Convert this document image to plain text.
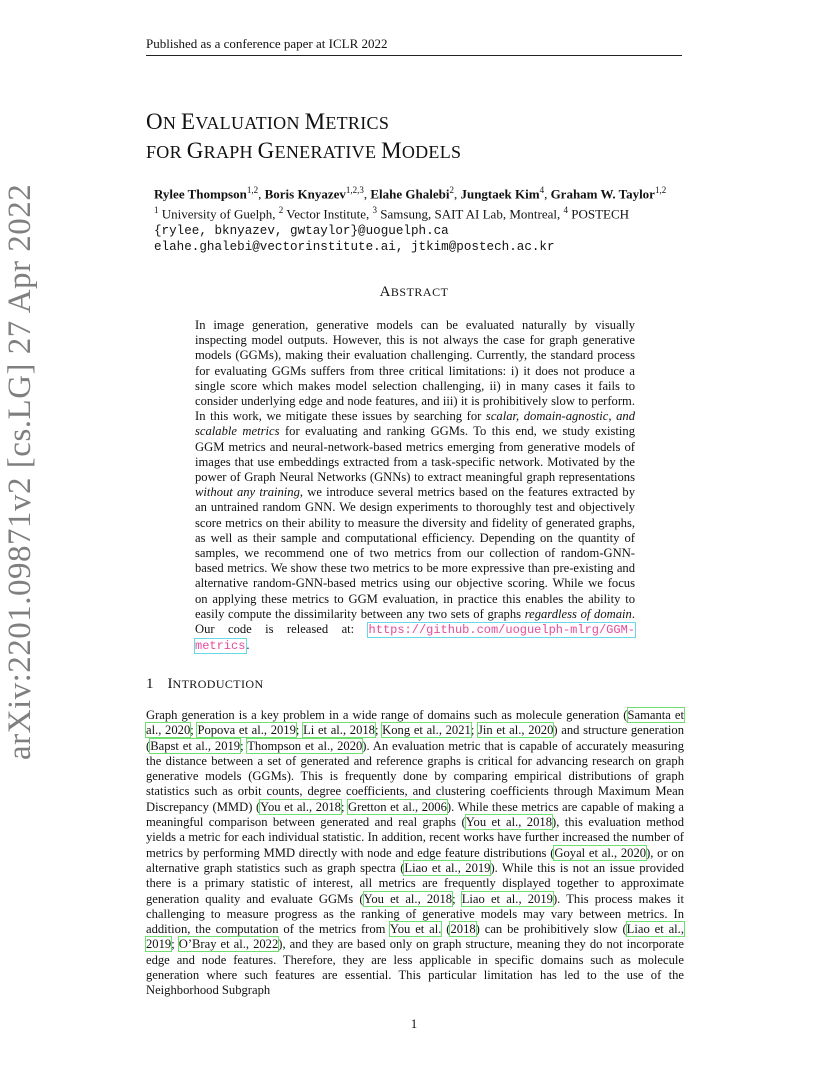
Published as a conference paper at ICLR 2022
arXiv:2201.09871v2 [cs.LG] 27 Apr 2022
ON EVALUATION METRICS
FOR GRAPH GENERATIVE MODELS
Rylee Thompson$^{1,2}$, Boris Knyazev$^{1,2,3}$, Elahe Ghalebi$^2$, Jungtaek Kim$^4$, Graham W. Taylor$^{1,2}$
$^1$ University of Guelph, $^2$ Vector Institute, $^3$ Samsung, SAIT AI Lab, Montreal, $^4$ POSTECH
{rylee, bknyazev, gwtaylor}@uoguelph.ca
elahe.ghalebi@vectorinstitute.ai, jtkim@postech.ac.kr
ABSTRACT
In image generation, generative models can be evaluated naturally by visually inspecting model outputs. However, this is not always the case for graph generative models (GGMs), making their evaluation challenging. Currently, the standard process for evaluating GGMs suffers from three critical limitations: i) it does not produce a single score which makes model selection challenging, ii) in many cases it fails to consider underlying edge and node features, and iii) it is prohibitively slow to perform. In this work, we mitigate these issues by searching for scalar, domain-agnostic, and scalable metrics for evaluating and ranking GGMs. To this end, we study existing GGM metrics and neural-network-based metrics emerging from generative models of images that use embeddings extracted from a task-specific network. Motivated by the power of Graph Neural Networks (GNNs) to extract meaningful graph representations without any training, we introduce several metrics based on the features extracted by an untrained random GNN. We design experiments to thoroughly test and objectively score metrics on their ability to measure the diversity and fidelity of generated graphs, as well as their sample and computational efficiency. Depending on the quantity of samples, we recommend one of two metrics from our collection of random-GNN-based metrics. We show these two metrics to be more expressive than pre-existing and alternative random-GNN-based metrics using our objective scoring. While we focus on applying these metrics to GGM evaluation, in practice this enables the ability to easily compute the dissimilarity between any two sets of graphs regardless of domain. Our code is released at: https://github.com/uoguelph-mlrg/GGM-metrics.
1 INTRODUCTION
Graph generation is a key problem in a wide range of domains such as molecule generation (Samanta et al., 2020; Popova et al., 2019; Li et al., 2018; Kong et al., 2021; Jin et al., 2020) and structure generation (Bapst et al., 2019; Thompson et al., 2020). An evaluation metric that is capable of accurately measuring the distance between a set of generated and reference graphs is critical for advancing research on graph generative models (GGMs). This is frequently done by comparing empirical distributions of graph statistics such as orbit counts, degree coefficients, and clustering coefficients through Maximum Mean Discrepancy (MMD) (You et al., 2018; Gretton et al., 2006). While these metrics are capable of making a meaningful comparison between generated and real graphs (You et al., 2018), this evaluation method yields a metric for each individual statistic. In addition, recent works have further increased the number of metrics by performing MMD directly with node and edge feature distributions (Goyal et al., 2020), or on alternative graph statistics such as graph spectra (Liao et al., 2019). While this is not an issue provided there is a primary statistic of interest, all metrics are frequently displayed together to approximate generation quality and evaluate GGMs (You et al., 2018; Liao et al., 2019). This process makes it challenging to measure progress as the ranking of generative models may vary between metrics. In addition, the computation of the metrics from You et al. (2018) can be prohibitively slow (Liao et al., 2019; O’Bray et al., 2022), and they are based only on graph structure, meaning they do not incorporate edge and node features. Therefore, they are less applicable in specific domains such as molecule generation where such features are essential. This particular limitation has led to the use of the Neighborhood Subgraph
1
